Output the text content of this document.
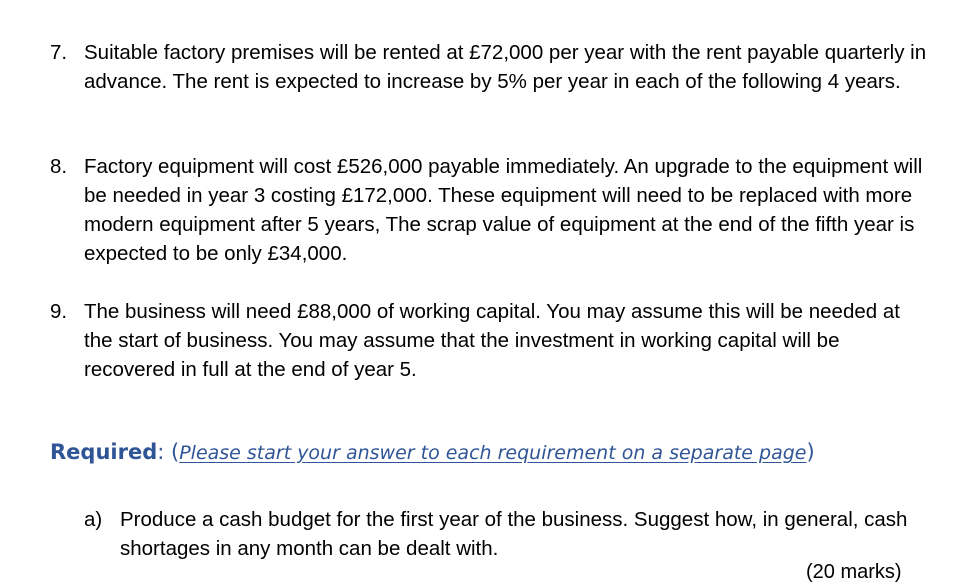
7. Suitable factory premises will be rented at £72,000 per year with the rent payable quarterly in advance. The rent is expected to increase by 5% per year in each of the following 4 years.
8. Factory equipment will cost £526,000 payable immediately. An upgrade to the equipment will be needed in year 3 costing £172,000. These equipment will need to be replaced with more modern equipment after 5 years, The scrap value of equipment at the end of the fifth year is expected to be only £34,000.
9. The business will need £88,000 of working capital. You may assume this will be needed at the start of business. You may assume that the investment in working capital will be recovered in full at the end of year 5.
Required: (Please start your answer to each requirement on a separate page)
a) Produce a cash budget for the first year of the business. Suggest how, in general, cash shortages in any month can be dealt with.
(20 marks)
